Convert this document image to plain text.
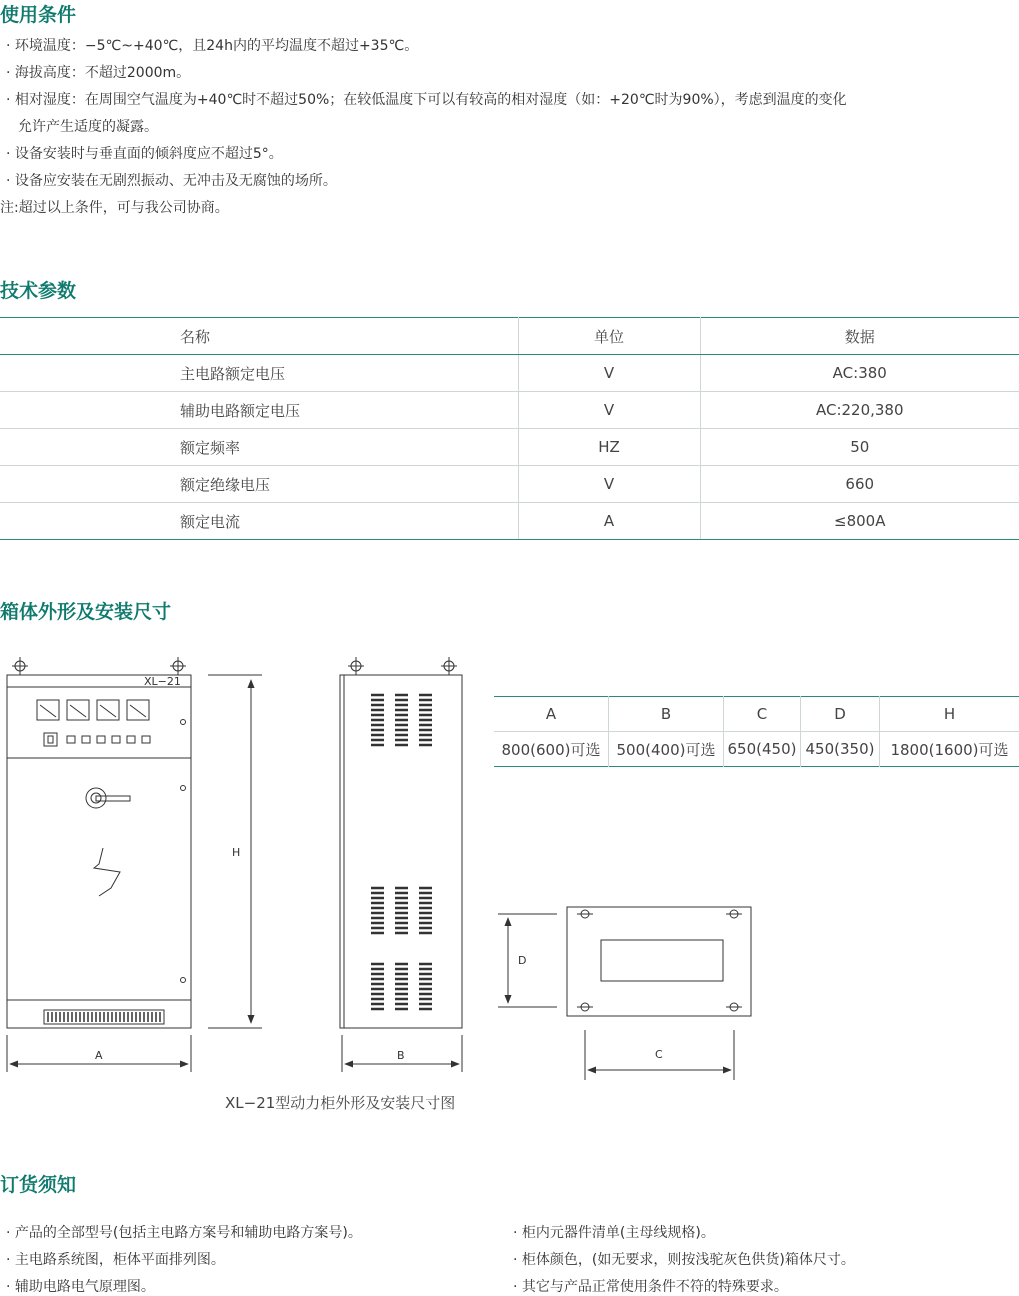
使用条件
· 环境温度：−5℃~+40℃，且24h内的平均温度不超过+35℃。
· 海拔高度：不超过2000m。
· 相对湿度：在周围空气温度为+40℃时不超过50%；在较低温度下可以有较高的相对湿度（如：+20℃时为90%），考虑到温度的变化
允许产生适度的凝露。
· 设备安装时与垂直面的倾斜度应不超过5°。
· 设备应安装在无剧烈振动、无冲击及无腐蚀的场所。
注:超过以上条件，可与我公司协商。
技术参数
名称	单位	数据
主电路额定电压	V	AC:380
辅助电路额定电压	V	AC:220,380
额定频率	HZ	50
额定绝缘电压	V	660
额定电流	A	≤800A
箱体外形及安装尺寸
XL−21
H
A	B
D
C
A	B	C	D	H
800(600)可选	500(400)可选	650(450)	450(350)	1800(1600)可选
XL−21型动力柜外形及安装尺寸图
订货须知
· 产品的全部型号(包括主电路方案号和辅助电路方案号)。
· 主电路系统图，柜体平面排列图。
· 辅助电路电气原理图。
· 柜内元器件清单(主母线规格)。
· 柜体颜色，(如无要求，则按浅驼灰色供货)箱体尺寸。
· 其它与产品正常使用条件不符的特殊要求。
